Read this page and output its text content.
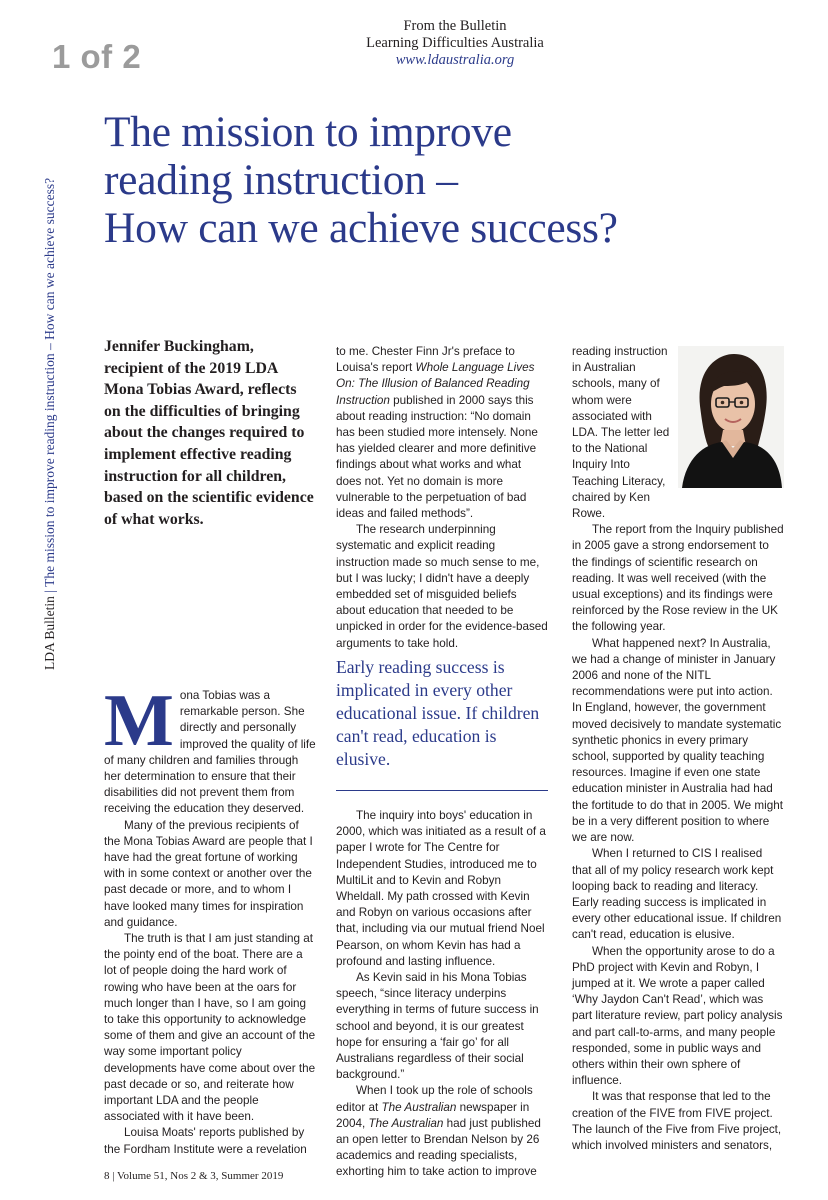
1 of 2
From the Bulletin
Learning Difficulties Australia
www.ldaustralia.org
LDA Bulletin | The mission to improve reading instruction – How can we achieve success?
The mission to improve
reading instruction –
How can we achieve success?
Jennifer Buckingham, recipient of the 2019 LDA Mona Tobias Award, reflects on the difficulties of bringing about the changes required to implement effective reading instruction for all children, based on the scientific evidence of what works.

Mona Tobias was a remarkable person. She directly and personally improved the quality of life of many children and families through her determination to ensure that their disabilities did not prevent them from receiving the education they deserved.

Many of the previous recipients of the Mona Tobias Award are people that I have had the great fortune of working with in some context or another over the past decade or more, and to whom I have looked many times for inspiration and guidance.

The truth is that I am just standing at the pointy end of the boat. There are a lot of people doing the hard work of rowing who have been at the oars for much longer than I have, so I am going to take this opportunity to acknowledge some of them and give an account of the way some important policy developments have come about over the past decade or so, and reiterate how important LDA and the people associated with it have been.

Louisa Moats' reports published by the Fordham Institute were a revelation

to me. Chester Finn Jr's preface to Louisa's report Whole Language Lives On: The Illusion of Balanced Reading Instruction published in 2000 says this about reading instruction: “No domain has been studied more intensely. None has yielded clearer and more definitive findings about what works and what does not. Yet no domain is more vulnerable to the perpetuation of bad ideas and failed methods”.

The research underpinning systematic and explicit reading instruction made so much sense to me, but I was lucky; I didn't have a deeply embedded set of misguided beliefs about education that needed to be unpicked in order for the evidence-based arguments to take hold.

Early reading success is implicated in every other educational issue. If children can't read, education is elusive.

The inquiry into boys' education in 2000, which was initiated as a result of a paper I wrote for The Centre for Independent Studies, introduced me to MultiLit and to Kevin and Robyn Wheldall. My path crossed with Kevin and Robyn on various occasions after that, including via our mutual friend Noel Pearson, on whom Kevin has had a profound and lasting influence.

As Kevin said in his Mona Tobias speech, “since literacy underpins everything in terms of future success in school and beyond, it is our greatest hope for ensuring a ‘fair go’ for all Australians regardless of their social background.”

When I took up the role of schools editor at The Australian newspaper in 2004, The Australian had just published an open letter to Brendan Nelson by 26 academics and reading specialists, exhorting him to take action to improve

reading instruction in Australian schools, many of whom were associated with LDA. The letter led to the National Inquiry Into Teaching Literacy, chaired by Ken Rowe.

The report from the Inquiry published in 2005 gave a strong endorsement to the findings of scientific research on reading. It was well received (with the usual exceptions) and its findings were reinforced by the Rose review in the UK the following year.

What happened next? In Australia, we had a change of minister in January 2006 and none of the NITL recommendations were put into action. In England, however, the government moved decisively to mandate systematic synthetic phonics in every primary school, supported by quality teaching resources. Imagine if even one state education minister in Australia had had the fortitude to do that in 2005. We might be in a very different position to where we are now.

When I returned to CIS I realised that all of my policy research work kept looping back to reading and literacy. Early reading success is implicated in every other educational issue. If children can't read, education is elusive.

When the opportunity arose to do a PhD project with Kevin and Robyn, I jumped at it. We wrote a paper called ‘Why Jaydon Can't Read’, which was part literature review, part policy analysis and part call-to-arms, and many people responded, some in public ways and others within their own sphere of influence.

It was that response that led to the creation of the FIVE from FIVE project. The launch of the Five from Five project, which involved ministers and senators,

8 | Volume 51, Nos 2 & 3, Summer 2019
